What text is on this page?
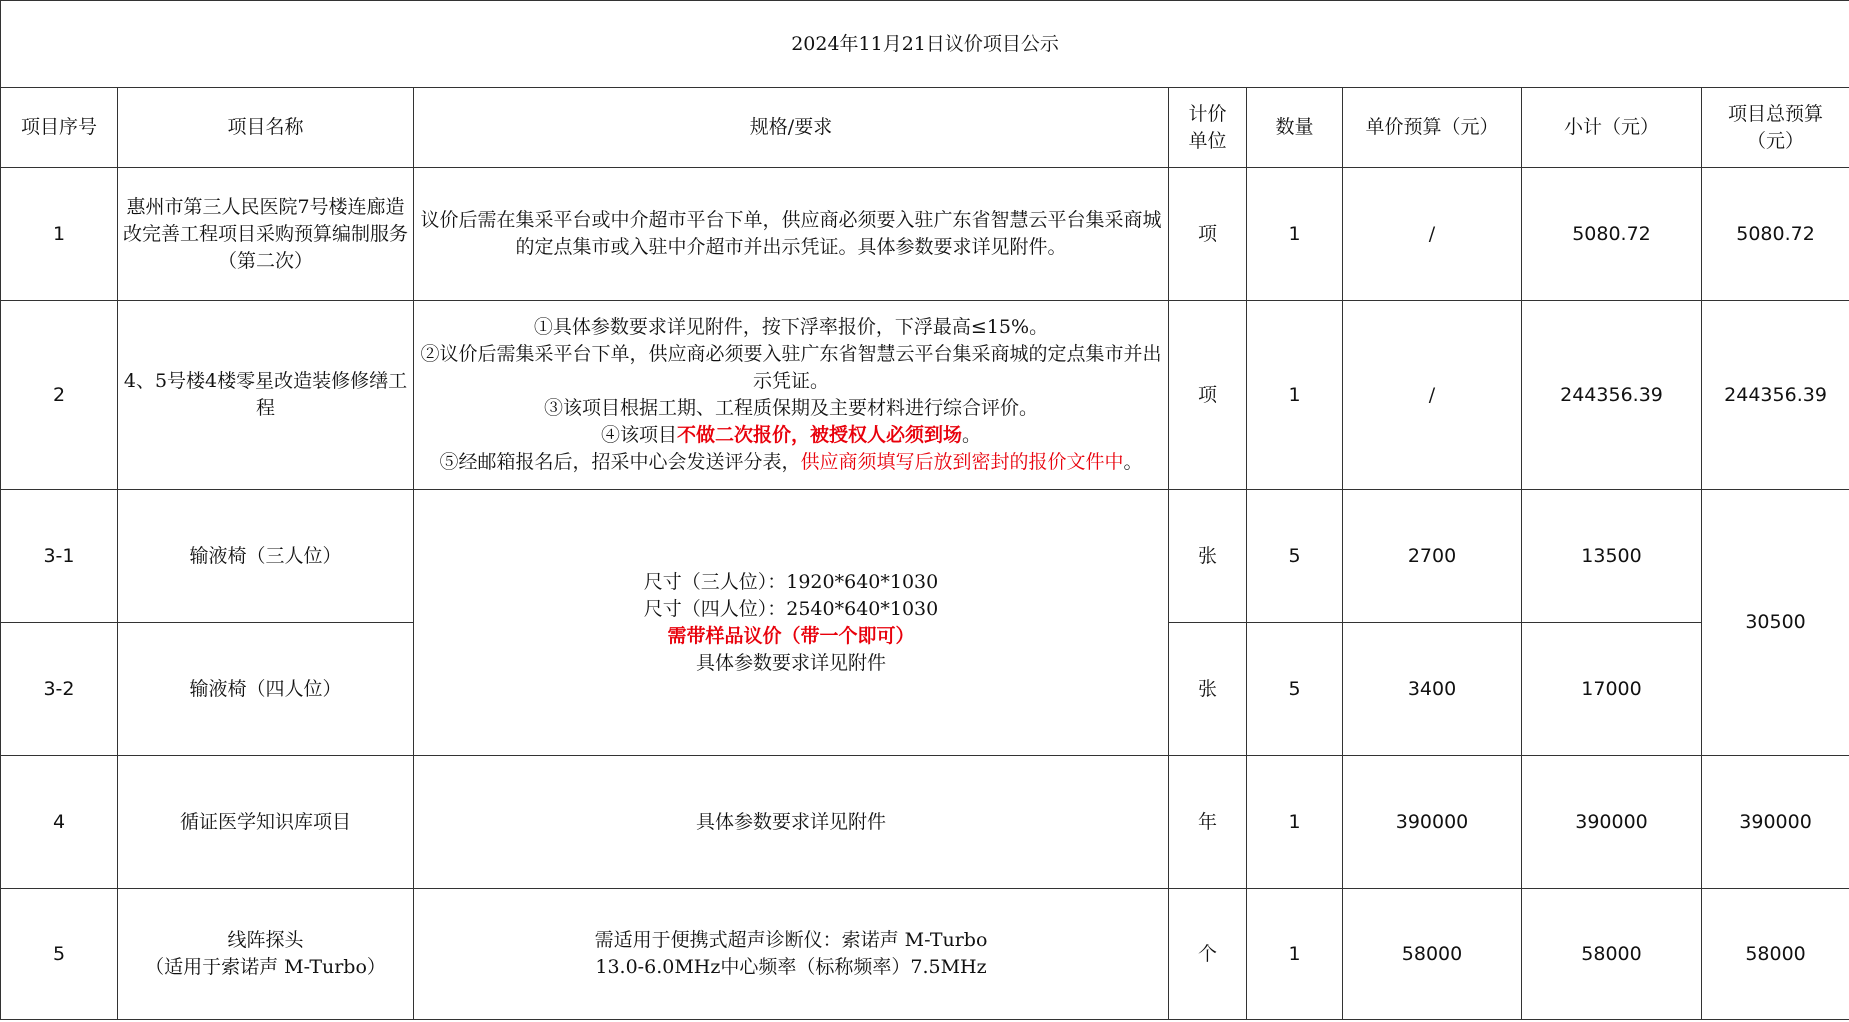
2024年11月21日议价项目公示							
项目序号	项目名称	规格/要求	计价
单位	数量	单价预算（元）	小计（元）	项目总预算
（元）

1	惠州市第三人民医院7号楼连廊造改完善工程项目采购预算编制服务（第二次）	议价后需在集采平台或中介超市平台下单，供应商必须要入驻广东省智慧云平台集采商城的定点集市或入驻中介超市并出示凭证。具体参数要求详见附件。	项	1	/	5080.72	5080.72
2	4、5号楼4楼零星改造装修修缮工程	①具体参数要求详见附件，按下浮率报价，下浮最高≤15%。
②议价后需集采平台下单，供应商必须要入驻广东省智慧云平台集采商城的定点集市并出示凭证。
③该项目根据工期、工程质保期及主要材料进行综合评价。
④该项目不做二次报价，被授权人必须到场。
⑤经邮箱报名后，招采中心会发送评分表，供应商须填写后放到密封的报价文件中。	项	1	/	244356.39	244356.39
3-1	输液椅（三人位）	尺寸（三人位）：1920*640*1030
尺寸（四人位）：2540*640*1030
需带样品议价（带一个即可）
具体参数要求详见附件	张	5	2700	13500	30500
3-2	输液椅（四人位）		张	5	3400	17000	
4	循证医学知识库项目	具体参数要求详见附件	年	1	390000	390000	390000
5	线阵探头
（适用于索诺声 M-Turbo）	需适用于便携式超声诊断仪：索诺声 M-Turbo
13.0-6.0MHz中心频率（标称频率）7.5MHz	个	1	58000	58000	58000
